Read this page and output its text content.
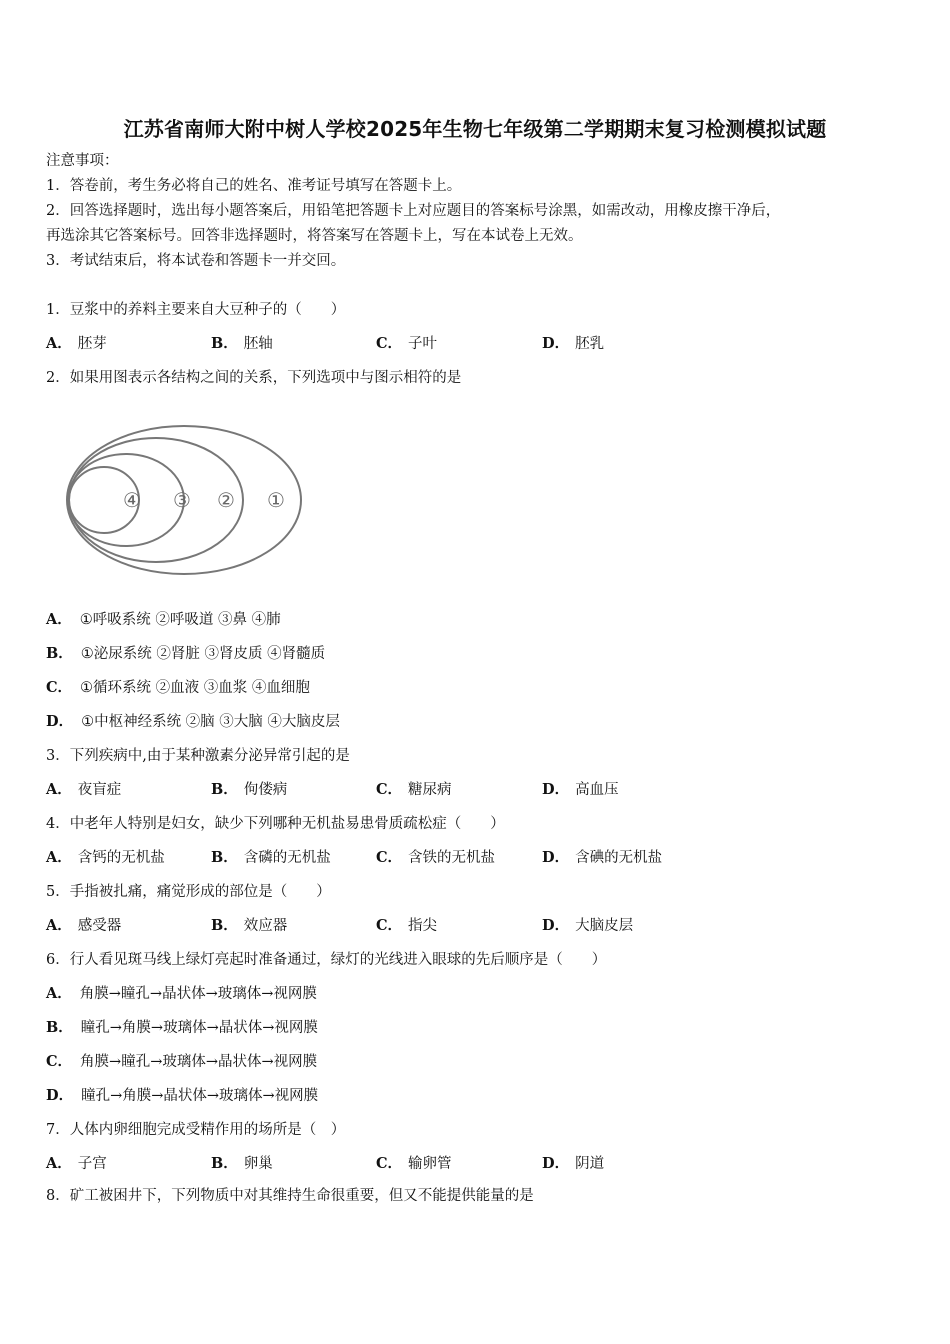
江苏省南师大附中树人学校2025年生物七年级第二学期期末复习检测模拟试题
注意事项：
1．答卷前，考生务必将自己的姓名、准考证号填写在答题卡上。
2．回答选择题时，选出每小题答案后，用铅笔把答题卡上对应题目的答案标号涂黑，如需改动，用橡皮擦干净后，
再选涂其它答案标号。回答非选择题时，将答案写在答题卡上，写在本试卷上无效。
3．考试结束后，将本试卷和答题卡一并交回。
1．豆浆中的养料主要来自大豆种子的（　　）
A． 胚芽	B． 胚轴	C． 子叶	D． 胚乳
2．如果用图表示各结构之间的关系，下列选项中与图示相符的是
④ ③ ② ①
A． ①呼吸系统 ②呼吸道 ③鼻 ④肺
B． ①泌尿系统 ②肾脏 ③肾皮质 ④肾髓质
C． ①循环系统 ②血液 ③血浆 ④血细胞
D． ①中枢神经系统 ②脑 ③大脑 ④大脑皮层
3．下列疾病中,由于某种激素分泌异常引起的是
A． 夜盲症	B． 佝偻病	C． 糖尿病	D． 高血压
4．中老年人特别是妇女，缺少下列哪种无机盐易患骨质疏松症（　　）
A． 含钙的无机盐	B． 含磷的无机盐	C． 含铁的无机盐	D． 含碘的无机盐
5．手指被扎痛，痛觉形成的部位是（　　）
A． 感受器	B． 效应器	C． 指尖	D． 大脑皮层
6．行人看见斑马线上绿灯亮起时准备通过，绿灯的光线进入眼球的先后顺序是（　　）
A． 角膜→瞳孔→晶状体→玻璃体→视网膜
B． 瞳孔→角膜→玻璃体→晶状体→视网膜
C． 角膜→瞳孔→玻璃体→晶状体→视网膜
D． 瞳孔→角膜→晶状体→玻璃体→视网膜
7．人体内卵细胞完成受精作用的场所是（　）
A． 子宫	B． 卵巢	C． 输卵管	D． 阴道
8．矿工被困井下，下列物质中对其维持生命很重要，但又不能提供能量的是
